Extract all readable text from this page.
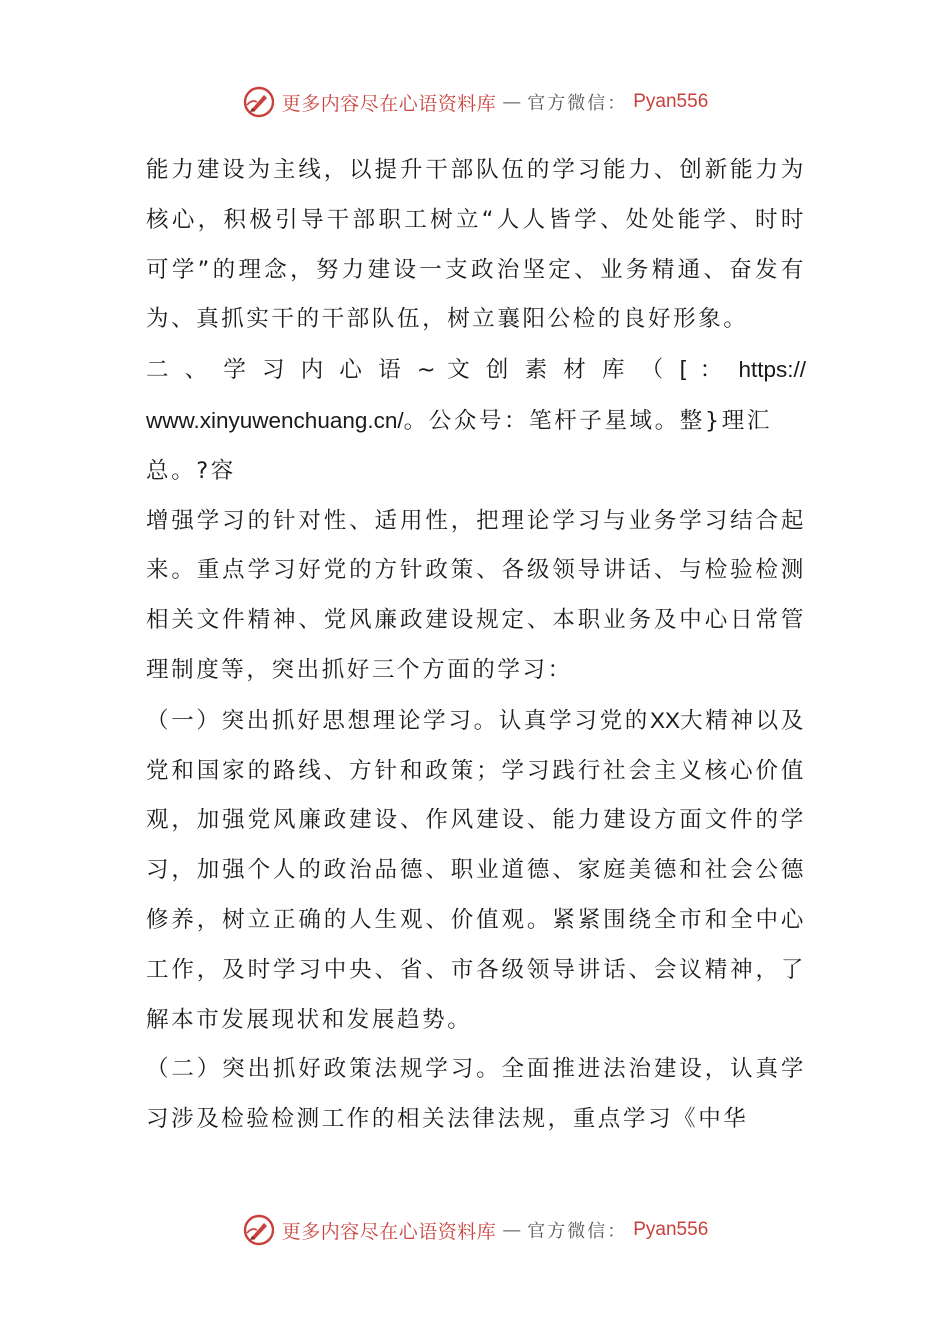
更多内容尽在心语资料库 — 官方微信： Pyan556

能力建设为主线，以提升干部队伍的学习能力、创新能力为核心，积极引导干部职工树立“人人皆学、处处能学、时时可学”的理念，努力建设一支政治坚定、业务精通、奋发有为、真抓实干的干部队伍，树立襄阳公检的良好形象。

二 、 学 习 内 心 语 ~ 文 创 素 材 库 （ [ ： https://
www.xinyuwenchuang.cn/。公众号：笔杆子星域。整}理汇
总。?容

增强学习的针对性、适用性，把理论学习与业务学习结合起来。重点学习好党的方针政策、各级领导讲话、与检验检测相关文件精神、党风廉政建设规定、本职业务及中心日常管理制度等，突出抓好三个方面的学习：

（一）突出抓好思想理论学习。认真学习党的XX大精神以及党和国家的路线、方针和政策；学习践行社会主义核心价值观，加强党风廉政建设、作风建设、能力建设方面文件的学习，加强个人的政治品德、职业道德、家庭美德和社会公德修养，树立正确的人生观、价值观。紧紧围绕全市和全中心工作，及时学习中央、省、市各级领导讲话、会议精神，了解本市发展现状和发展趋势。

（二）突出抓好政策法规学习。全面推进法治建设，认真学习涉及检验检测工作的相关法律法规，重点学习《中华

更多内容尽在心语资料库 — 官方微信： Pyan556
